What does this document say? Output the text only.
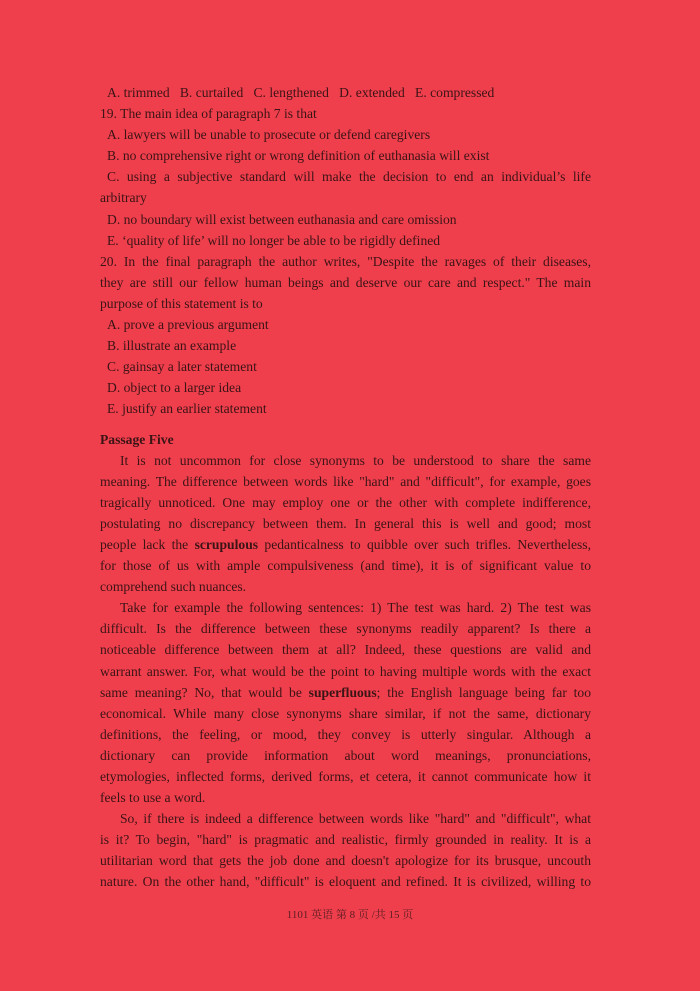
A. trimmed   B. curtailed   C. lengthened   D. extended   E. compressed
19. The main idea of paragraph 7 is that
A. lawyers will be unable to prosecute or defend caregivers
B. no comprehensive right or wrong definition of euthanasia will exist
C. using a subjective standard will make the decision to end an individual’s life
arbitrary
D. no boundary will exist between euthanasia and care omission
E. ‘quality of life’ will no longer be able to be rigidly defined
20. In the final paragraph the author writes, "Despite the ravages of their diseases,
they are still our fellow human beings and deserve our care and respect." The main
purpose of this statement is to
A. prove a previous argument
B. illustrate an example
C. gainsay a later statement
D. object to a larger idea
E. justify an earlier statement
Passage Five
It is not uncommon for close synonyms to be understood to share the same
meaning. The difference between words like "hard" and "difficult", for example, goes
tragically unnoticed. One may employ one or the other with complete indifference,
postulating no discrepancy between them. In general this is well and good; most
people lack the scrupulous pedanticalness to quibble over such trifles. Nevertheless,
for those of us with ample compulsiveness (and time), it is of significant value to
comprehend such nuances.
Take for example the following sentences: 1) The test was hard. 2) The test was
difficult. Is the difference between these synonyms readily apparent? Is there a
noticeable difference between them at all? Indeed, these questions are valid and
warrant answer. For, what would be the point to having multiple words with the exact
same meaning? No, that would be superfluous; the English language being far too
economical. While many close synonyms share similar, if not the same, dictionary
definitions, the feeling, or mood, they convey is utterly singular. Although a
dictionary can provide information about word meanings, pronunciations,
etymologies, inflected forms, derived forms, et cetera, it cannot communicate how it
feels to use a word.
So, if there is indeed a difference between words like "hard" and "difficult", what
is it? To begin, "hard" is pragmatic and realistic, firmly grounded in reality. It is a
utilitarian word that gets the job done and doesn't apologize for its brusque, uncouth
nature. On the other hand, "difficult" is eloquent and refined. It is civilized, willing to
1101 英语 第 8 页 /共 15 页
